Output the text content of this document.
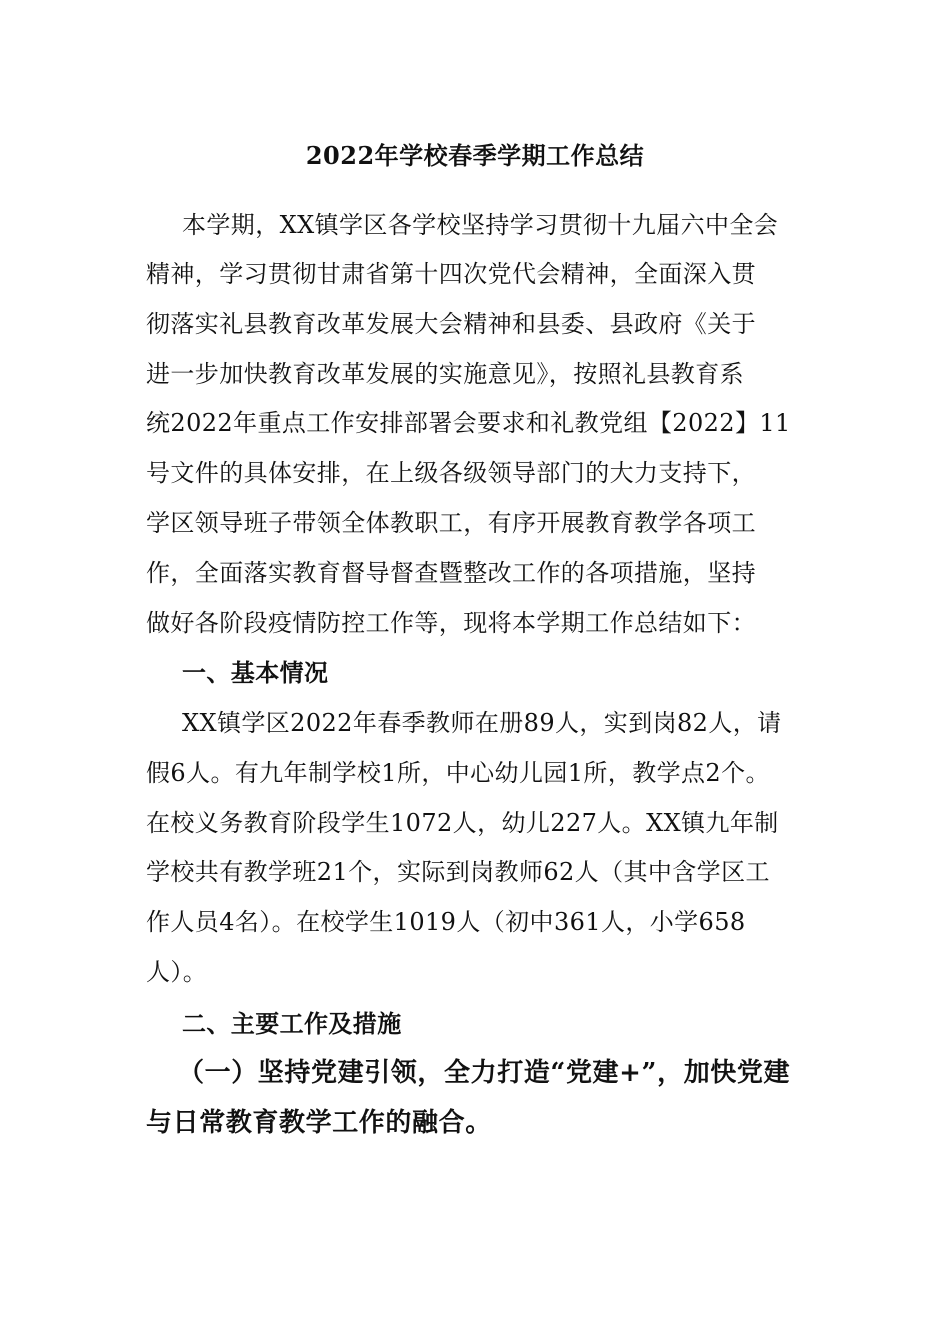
2022年学校春季学期工作总结
本学期，XX镇学区各学校坚持学习贯彻十九届六中全会
精神，学习贯彻甘肃省第十四次党代会精神，全面深入贯
彻落实礼县教育改革发展大会精神和县委、县政府《关于
进一步加快教育改革发展的实施意见》，按照礼县教育系
统2022年重点工作安排部署会要求和礼教党组【2022】11
号文件的具体安排，在上级各级领导部门的大力支持下，
学区领导班子带领全体教职工，有序开展教育教学各项工
作，全面落实教育督导督查暨整改工作的各项措施，坚持
做好各阶段疫情防控工作等，现将本学期工作总结如下：
一、基本情况
XX镇学区2022年春季教师在册89人，实到岗82人，请
假6人。有九年制学校1所，中心幼儿园1所，教学点2个。
在校义务教育阶段学生1072人，幼儿227人。XX镇九年制
学校共有教学班21个，实际到岗教师62人（其中含学区工
作人员4名）。在校学生1019人（初中361人，小学658
人）。
二、主要工作及措施
（一）坚持党建引领，全力打造“党建+”，加快党建
与日常教育教学工作的融合。
